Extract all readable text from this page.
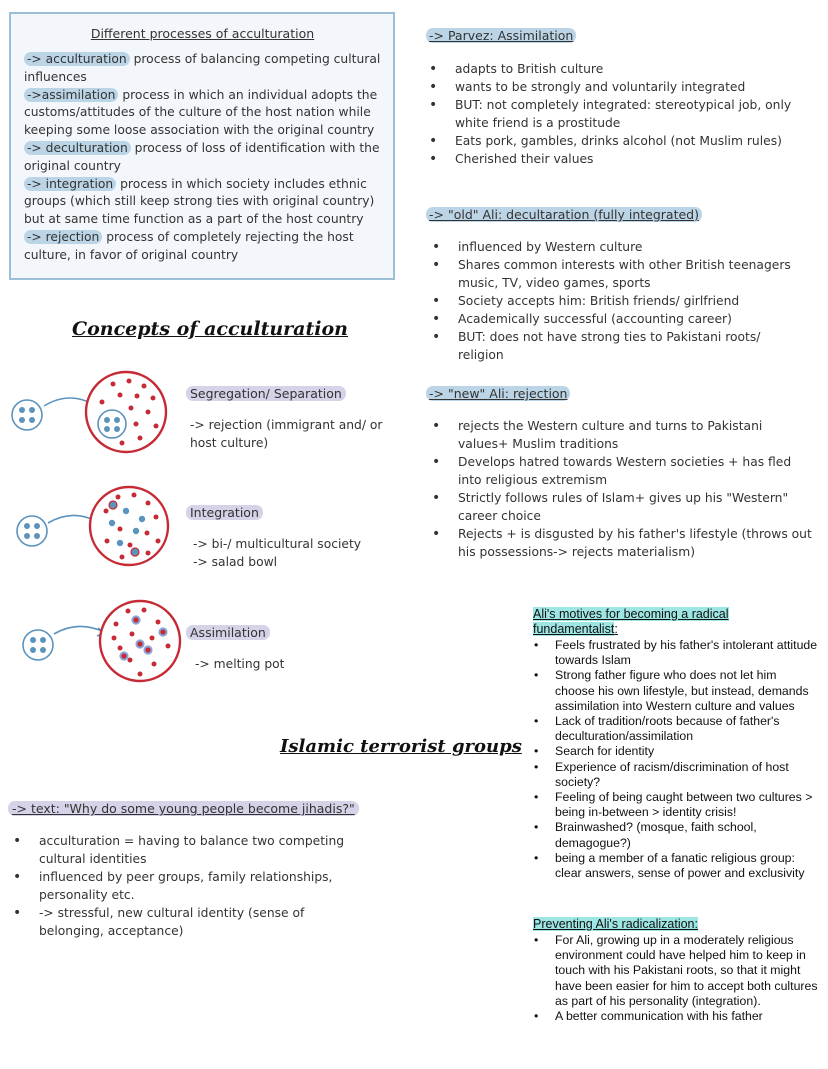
Different processes of acculturation
-> acculturation process of balancing competing cultural influences
->assimilation process in which an individual adopts the customs/attitudes of the culture of the host nation while keeping some loose association with the original country
-> deculturation process of loss of identification with the original country
-> integration process in which society includes ethnic groups (which still keep strong ties with original country) but at same time function as a part of the host country
-> rejection process of completely rejecting the host culture, in favor of original country
Concepts of acculturation
Segregation/ Separation
-> rejection (immigrant and/ or host culture)
Integration
-> bi-/ multicultural society
-> salad bowl
Assimilation
-> melting pot
Islamic terrorist groups
-> text: "Why do some young people become jihadis?"
• acculturation = having to balance two competing cultural identities
• influenced by peer groups, family relationships, personality etc.
• -> stressful, new cultural identity (sense of belonging, acceptance)
-> Parvez: Assimilation
• adapts to British culture
• wants to be strongly and voluntarily integrated
• BUT: not completely integrated: stereotypical job, only white friend is a prostitude
• Eats pork, gambles, drinks alcohol (not Muslim rules)
• Cherished their values
-> "old" Ali: decultaration (fully integrated)
• influenced by Western culture
• Shares common interests with other British teenagers music, TV, video games, sports
• Society accepts him: British friends/ girlfriend
• Academically successful (accounting career)
• BUT: does not have strong ties to Pakistani roots/ religion
-> "new" Ali: rejection
• rejects the Western culture and turns to Pakistani values+ Muslim traditions
• Develops hatred towards Western societies + has fled into religious extremism
• Strictly follows rules of Islam+ gives up his "Western" career choice
• Rejects + is disgusted by his father's lifestyle (throws out his possessions-> rejects materialism)
Ali's motives for becoming a radical
fundamentalist:
• Feels frustrated by his father's intolerant attitude towards Islam
• Strong father figure who does not let him choose his own lifestyle, but instead, demands assimilation into Western culture and values
• Lack of tradition/roots because of father's deculturation/assimilation
• Search for identity
• Experience of racism/discrimination of host society?
• Feeling of being caught between two cultures > being in-between > identity crisis!
• Brainwashed? (mosque, faith school, demagogue?)
• being a member of a fanatic religious group: clear answers, sense of power and exclusivity
Preventing Ali's radicalization:
• For Ali, growing up in a moderately religious environment could have helped him to keep in touch with his Pakistani roots, so that it might have been easier for him to accept both cultures as part of his personality (integration).
• A better communication with his father
